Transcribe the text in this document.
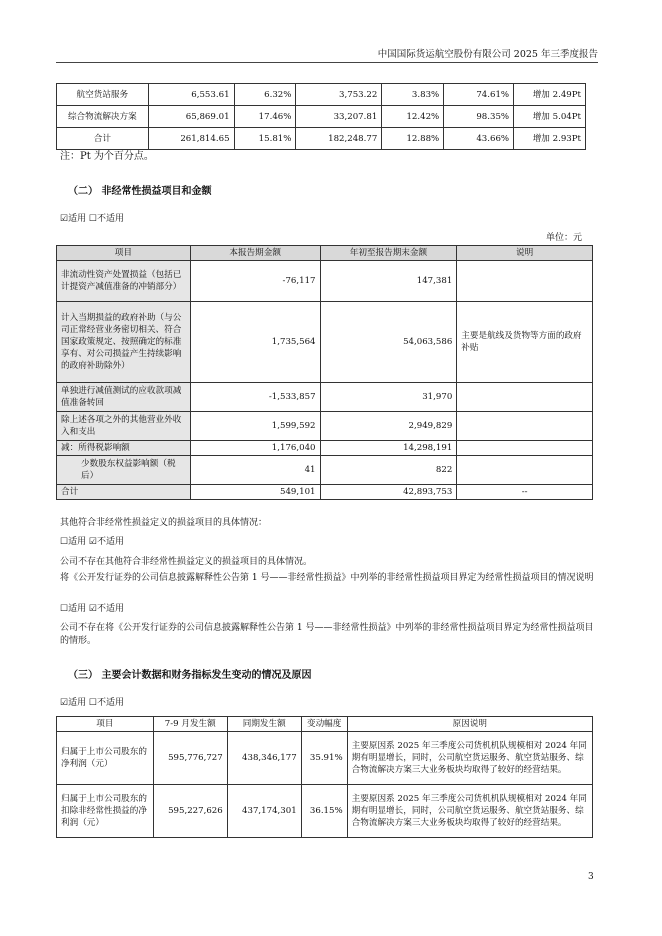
中国国际货运航空股份有限公司 2025 年三季度报告
航空货站服务	6,553.61	6.32%	3,753.22	3.83%	74.61%	增加 2.49Pt
综合物流解决方案	65,869.01	17.46%	33,207.81	12.42%	98.35%	增加 5.04Pt
合计	261,814.65	15.81%	182,248.77	12.88%	43.66%	增加 2.93Pt
注：Pt 为个百分点。
（二） 非经常性损益项目和金额
☑适用 ☐不适用
单位：元
项目	本报告期金额	年初至报告期末金额	说明
非流动性资产处置损益（包括已计提资产减值准备的冲销部分）	-76,117	147,381	
计入当期损益的政府补助（与公司正常经营业务密切相关、符合国家政策规定、按照确定的标准享有、对公司损益产生持续影响的政府补助除外）	1,735,564	54,063,586	主要是航线及货物等方面的政府补贴
单独进行减值测试的应收款项减值准备转回	-1,533,857	31,970	
除上述各项之外的其他营业外收入和支出	1,599,592	2,949,829	
减：所得税影响额	1,176,040	14,298,191	
少数股东权益影响额（税后）	41	822	
合计	549,101	42,893,753	--
其他符合非经常性损益定义的损益项目的具体情况：
☐适用 ☑不适用
公司不存在其他符合非经常性损益定义的损益项目的具体情况。
将《公开发行证券的公司信息披露解释性公告第 1 号——非经常性损益》中列举的非经常性损益项目界定为经常性损益项目的情况说明
☐适用 ☑不适用
公司不存在将《公开发行证券的公司信息披露解释性公告第 1 号——非经常性损益》中列举的非经常性损益项目界定为经常性损益项目的情形。
（三） 主要会计数据和财务指标发生变动的情况及原因
☑适用 ☐不适用
项目	7-9 月发生额	同期发生额	变动幅度	原因说明
归属于上市公司股东的净利润（元）	595,776,727	438,346,177	35.91%	主要原因系 2025 年三季度公司货机机队规模相对 2024 年同期有明显增长，同时，公司航空货运服务、航空货站服务、综合物流解决方案三大业务板块均取得了较好的经营结果。
归属于上市公司股东的扣除非经常性损益的净利润（元）	595,227,626	437,174,301	36.15%	主要原因系 2025 年三季度公司货机机队规模相对 2024 年同期有明显增长，同时，公司航空货运服务、航空货站服务、综合物流解决方案三大业务板块均取得了较好的经营结果。
3
